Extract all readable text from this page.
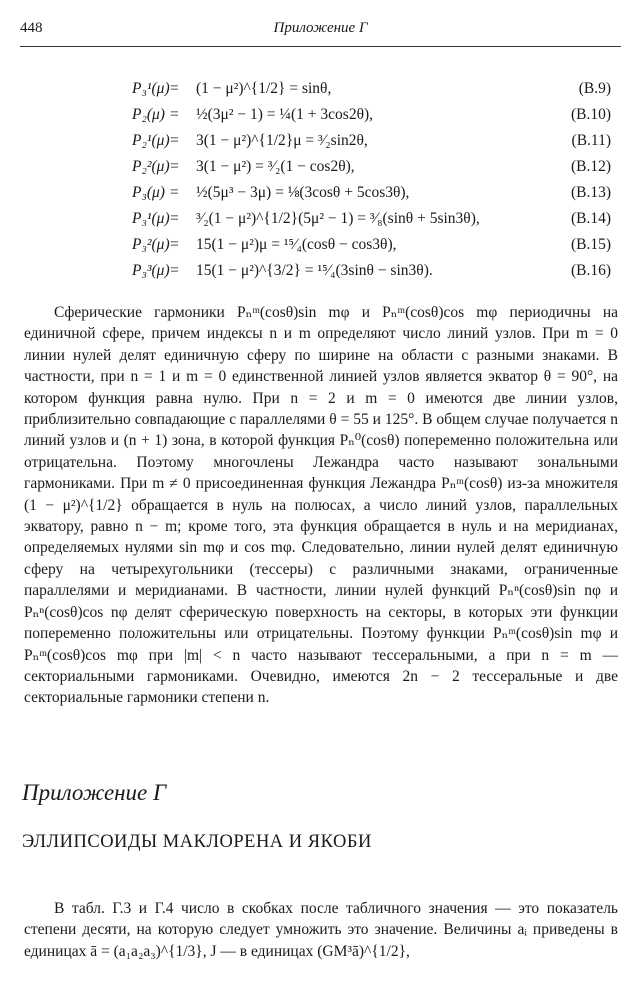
448	Приложение Г
P₃¹(μ) = (1 − μ²)^{1/2} = sinθ,	(B.9)
P₂(μ) = ½(3μ² − 1) = ¼(1 + 3cos2θ),	(B.10)
P₂¹(μ) = 3(1 − μ²)^{1/2}μ = ³⁄₂sin2θ,	(B.11)
P₂²(μ) = 3(1 − μ²) = ³⁄₂(1 − cos2θ),	(B.12)
P₃(μ) = ½(5μ³ − 3μ) = ⅛(3cosθ + 5cos3θ),	(B.13)
P₃¹(μ) = ³⁄₂(1 − μ²)^{1/2}(5μ² − 1) = ³⁄₈(sinθ + 5sin3θ),	(B.14)
P₃²(μ) = 15(1 − μ²)μ = ¹⁵⁄₄(cosθ − cos3θ),	(B.15)
P₃³(μ) = 15(1 − μ²)^{3/2} = ¹⁵⁄₄(3sinθ − sin3θ).	(B.16)

Сферические гармоники Pₙᵐ(cosθ)sin mφ и Pₙᵐ(cosθ)cos mφ периодичны на единичной сфере, причем индексы n и m определяют число линий узлов. При m = 0 линии нулей делят единичную сферу по ширине на области с разными знаками. В частности, при n = 1 и m = 0 единственной линией узлов является экватор θ = 90°, на котором функция равна нулю. При n = 2 и m = 0 имеются две линии узлов, приблизительно совпадающие с параллелями θ = 55 и 125°. В общем случае получается n линий узлов и (n + 1) зона, в которой функция Pₙ⁰(cosθ) попеременно положительна или отрицательна. Поэтому многочлены Лежандра часто называют зональными гармониками. При m ≠ 0 присоединенная функция Лежандра Pₙᵐ(cosθ) из-за множителя (1 − μ²)^{1/2} обращается в нуль на полюсах, а число линий узлов, параллельных экватору, равно n − m; кроме того, эта функция обращается в нуль и на меридианах, определяемых нулями sin mφ и cos mφ. Следовательно, линии нулей делят единичную сферу на четырехугольники (тессеры) с различными знаками, ограниченные параллелями и меридианами. В частности, линии нулей функций Pₙⁿ(cosθ)sin nφ и Pₙⁿ(cosθ)cos nφ делят сферическую поверхность на секторы, в которых эти функции попеременно положительны или отрицательны. Поэтому функции Pₙᵐ(cosθ)sin mφ и Pₙᵐ(cosθ)cos mφ при |m| < n часто называют тессеральными, а при n = m — секториальными гармониками. Очевидно, имеются 2n − 2 тессеральные и две секториальные гармоники степени n.

Приложение Г
ЭЛЛИПСОИДЫ МАКЛОРЕНА И ЯКОБИ

В табл. Г.3 и Г.4 число в скобках после табличного значения — это показатель степени десяти, на которую следует умножить это значение. Величины aᵢ приведены в единицах ā = (a₁a₂a₃)^{1/3}, J — в единицах (GM³ā)^{1/2},
